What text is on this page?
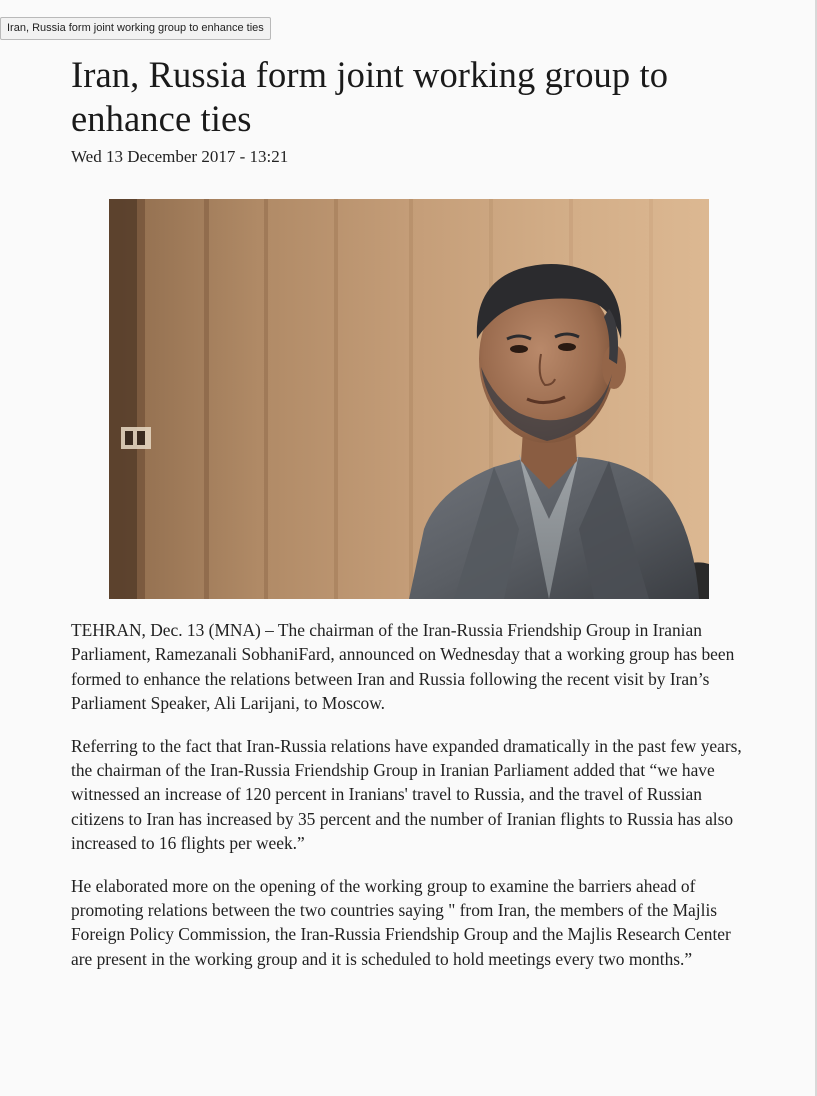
Iran, Russia form joint working group to enhance ties
Iran, Russia form joint working group to enhance ties
Wed 13 December 2017 - 13:21

TEHRAN, Dec. 13 (MNA) – The chairman of the Iran-Russia Friendship Group in Iranian Parliament, Ramezanali SobhaniFard, announced on Wednesday that a working group has been formed to enhance the relations between Iran and Russia following the recent visit by Iran’s Parliament Speaker, Ali Larijani, to Moscow.

Referring to the fact that Iran-Russia relations have expanded dramatically in the past few years, the chairman of the Iran-Russia Friendship Group in Iranian Parliament added that “we have witnessed an increase of 120 percent in Iranians' travel to Russia, and the travel of Russian citizens to Iran has increased by 35 percent and the number of Iranian flights to Russia has also increased to 16 flights per week.”

He elaborated more on the opening of the working group to examine the barriers ahead of promoting relations between the two countries saying " from Iran, the members of the Majlis Foreign Policy Commission, the Iran-Russia Friendship Group and the Majlis Research Center are present in the working group and it is scheduled to hold meetings every two months.”
